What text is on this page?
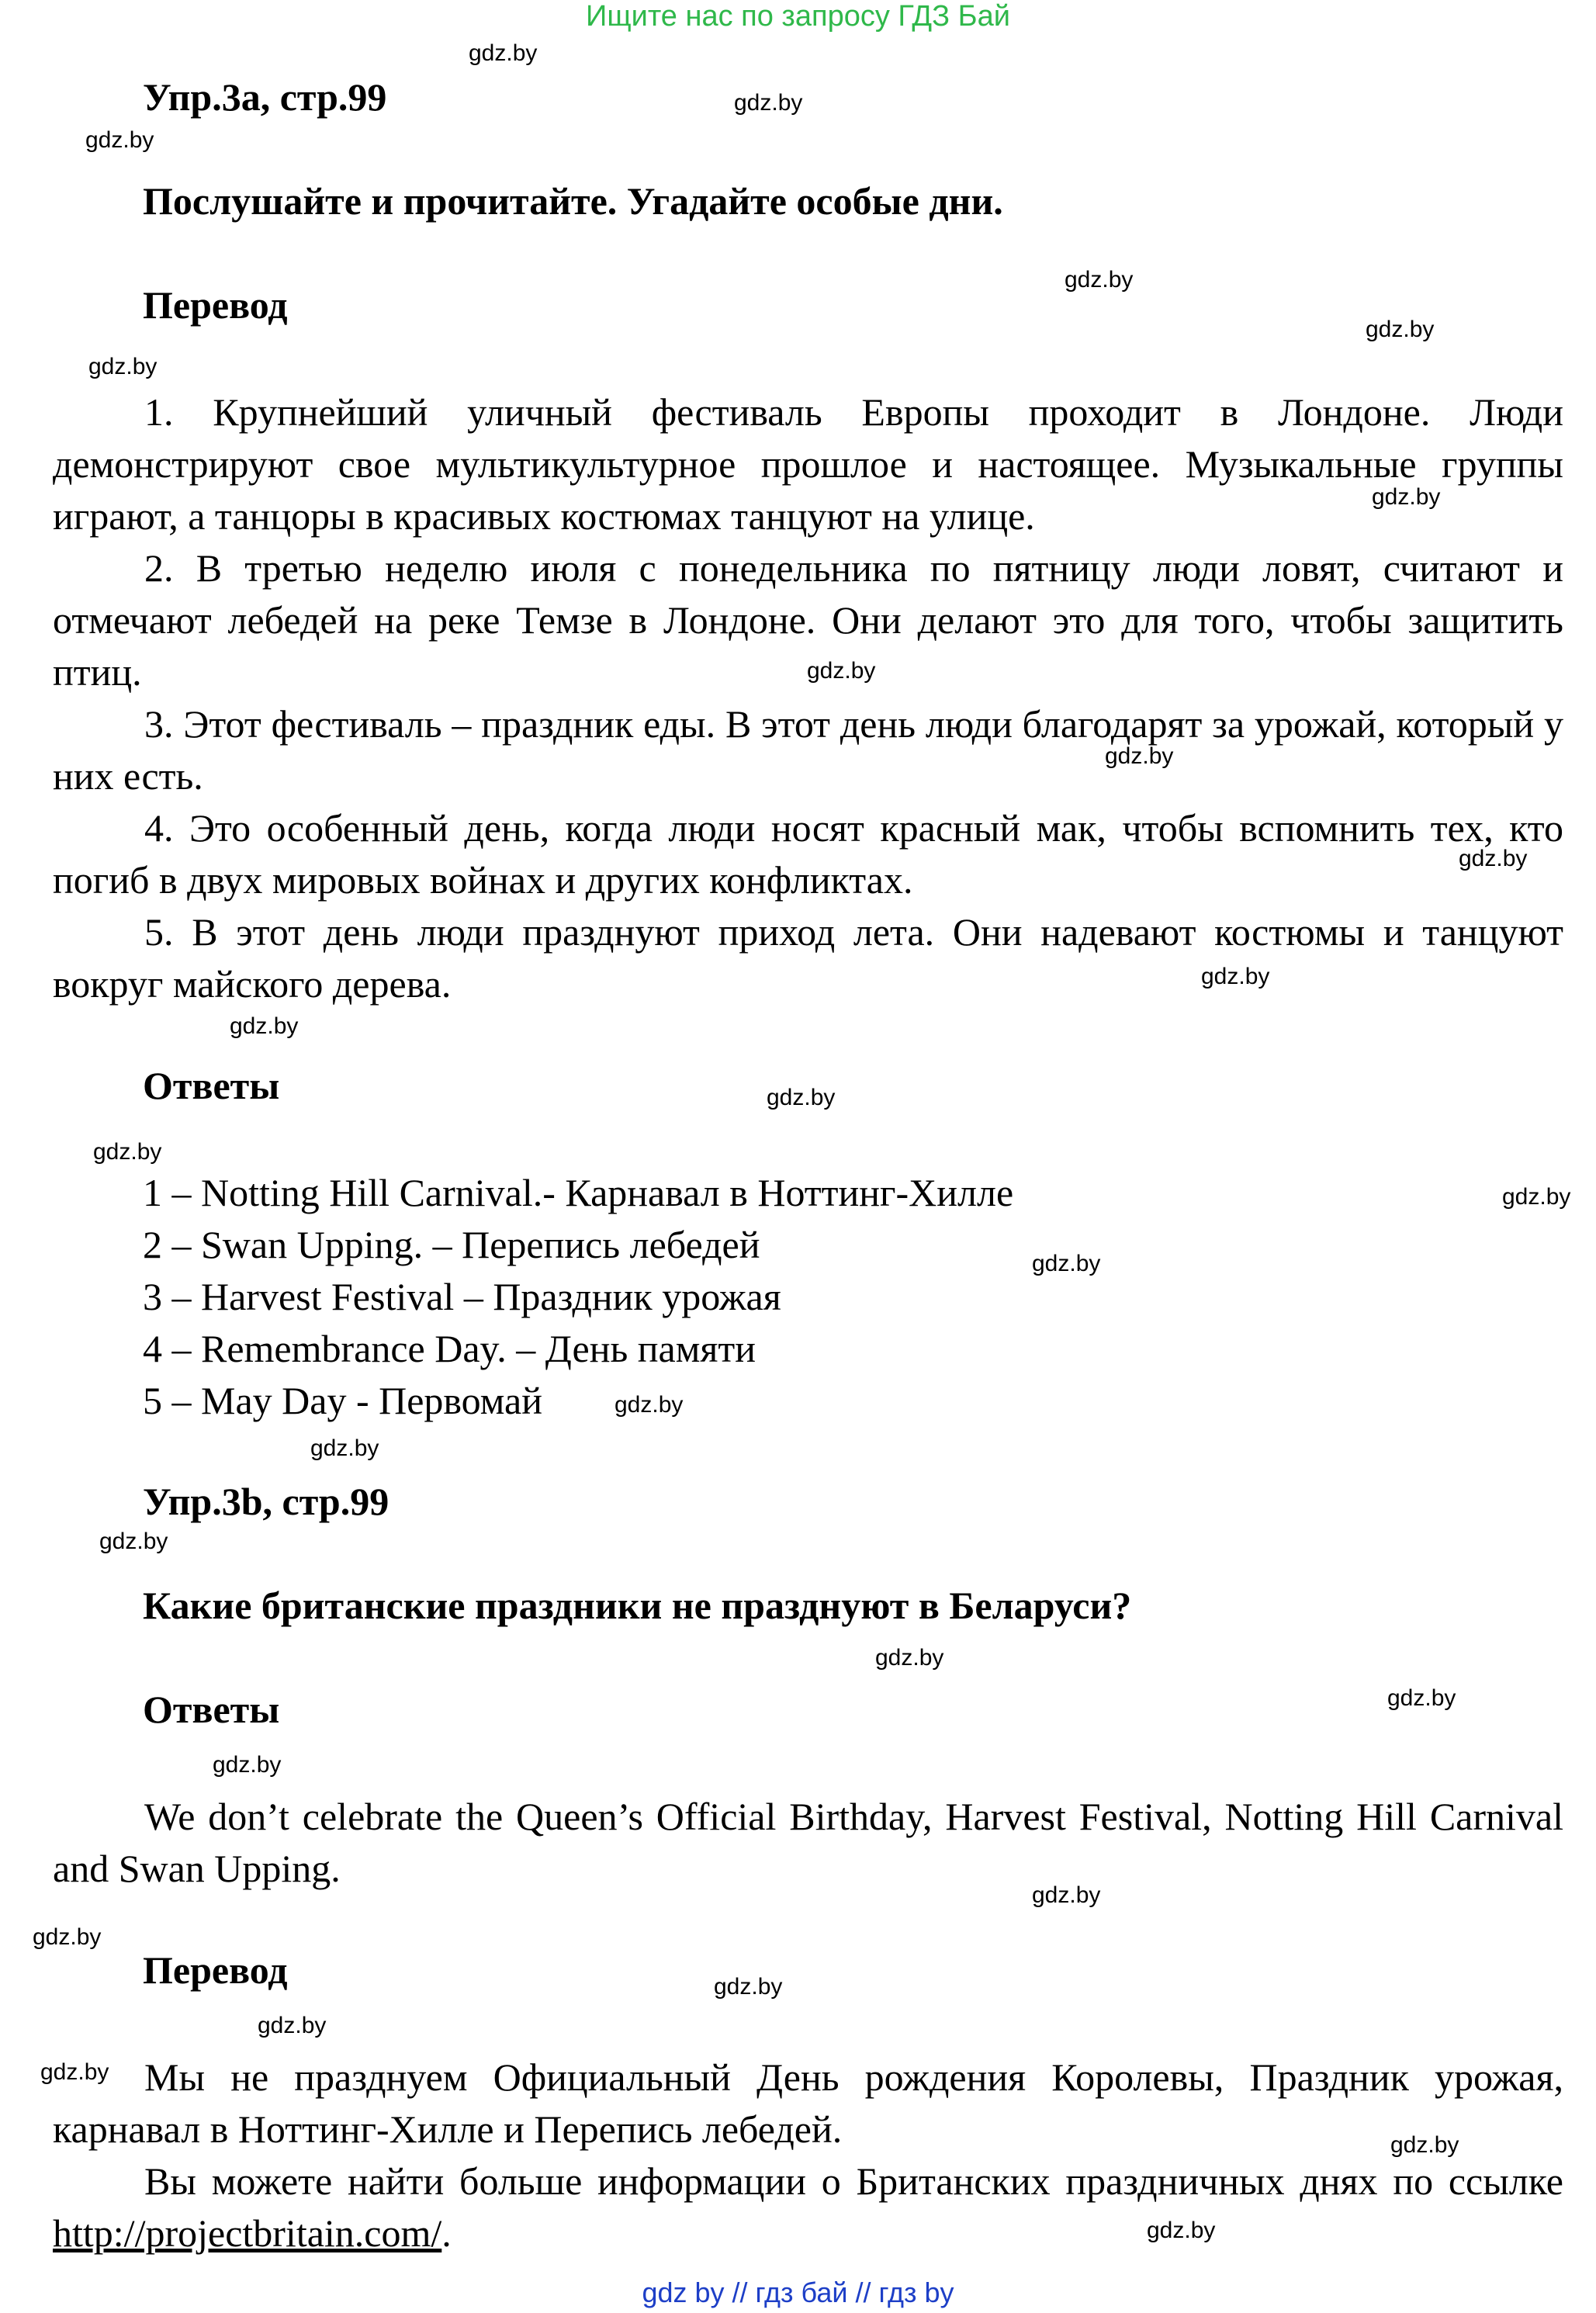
Ищите нас по запросу ГДЗ Бай
Упр.3а, стр.99
Послушайте и прочитайте. Угадайте особые дни.
Перевод

1. Крупнейший уличный фестиваль Европы проходит в Лондоне. Люди демонстрируют свое мультикультурное прошлое и настоящее. Музыкальные группы играют, а танцоры в красивых костюмах танцуют на улице.

2. В третью неделю июля с понедельника по пятницу люди ловят, считают и отмечают лебедей на реке Темзе в Лондоне. Они делают это для того, чтобы защитить птиц.

3. Этот фестиваль – праздник еды. В этот день люди благодарят за урожай, который у них есть.

4. Это особенный день, когда люди носят красный мак, чтобы вспомнить тех, кто погиб в двух мировых войнах и других конфликтах.

5. В этот день люди празднуют приход лета. Они надевают костюмы и танцуют вокруг майского дерева.

Ответы
1 – Notting Hill Carnival.- Карнавал в Ноттинг-Хилле
2 – Swan Upping. – Перепись лебедей
3 – Harvest Festival – Праздник урожая
4 – Remembrance Day. – День памяти
5 – May Day - Первомай
Упр.3b, стр.99
Какие британские праздники не празднуют в Беларуси?
Ответы

We don’t celebrate the Queen’s Official Birthday, Harvest Festival, Notting Hill Carnival and Swan Upping.

Перевод

Мы не празднуем Официальный День рождения Королевы, Праздник урожая, карнавал в Ноттинг-Хилле и Перепись лебедей.

Вы можете найти больше информации о Британских праздничных днях по ссылке http://projectbritain.com/.

gdz.by
gdz.by
gdz.by
gdz.by
gdz.by
gdz.by
gdz.by
gdz.by
gdz.by
gdz.by
gdz.by
gdz.by
gdz.by
gdz.by
gdz.by
gdz.by
gdz.by
gdz.by
gdz.by
gdz.by
gdz.by
gdz.by
gdz.by
gdz.by
gdz.by
gdz.by
gdz.by
gdz.by
gdz.by
gdz by // гдз бай // гдз by
